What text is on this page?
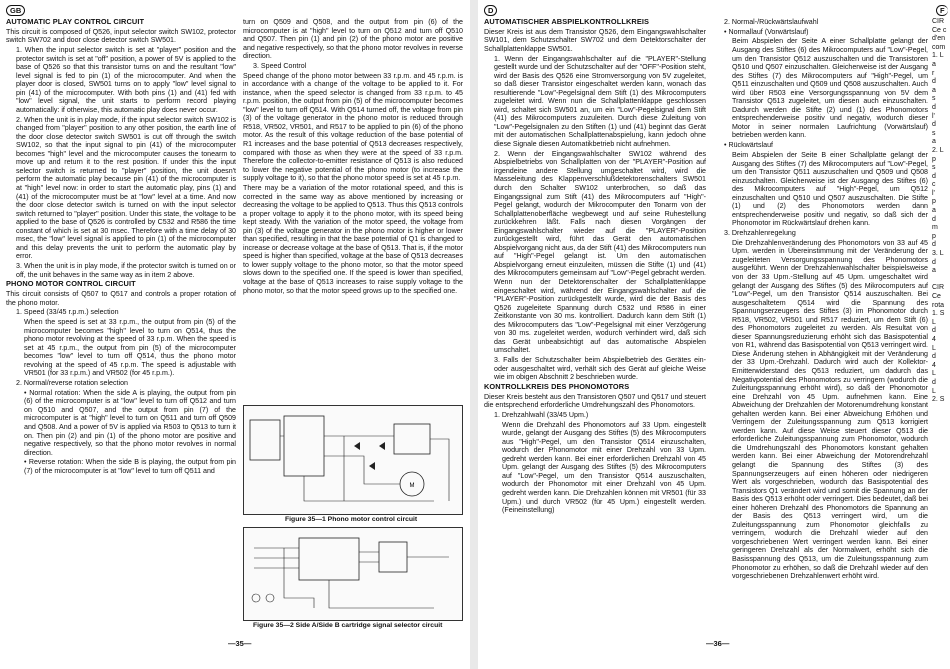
GB

AUTOMATIC PLAY CONTROL CIRCUIT

This circuit is composed of Q526, input selector switch SW102, protector switch SW702 and door close detector switch SW501.

1. When the input selector switch is set at "player" position and the protector switch is set at "off" position, a power of 5V is applied to the base of Q526 so that this transistor turns on and the resultant "low" level signal is fed to pin (1) of the microcomputer. And when the player door is closed, SW501 turns on to apply "low" level signal to pin (41) of the microcomputer. With both pins (1) and (41) fed with "low" level signal, the unit starts to perform record playing automatically: if otherwise, this automatic play does never occur.

2. When the unit is in play mode, if the input selector switch SW102 is changed from "player" position to any other position, the earth line of the door close detector switch SW501 is cut off through the switch SW102, so that the input signal to pin (41) of the microcomputer becomes "high" level and the microcomputer causes the tonearm to move up and return it to the rest position. If under this the input selector switch is returned to "player" position, the unit doesn't perform the automatic play because pin (41) of the microcomputer is at "high" level now: in order to start the automatic play, pins (1) and (41) of the microcomputer must be at "low" level at a time. And now the door close detector switch is turned on with the input selector switch returned to "player" position. Under this state, the voltage to be applied to the base of Q526 is controlled by C532 and R586 the time constant of which is set at 30 msec. Therefore with a time delay of 30 msec, the "low" level signal is applied to pin (1) of the microcomputer and this delay prevents the unit to perform the automatic play by error.

3. When the unit is in play mode, if the protector switch is turned on or off, the unit behaves in the same way as in item 2 above.

PHONO MOTOR CONTROL CIRCUIT

This circuit consists of Q507 to Q517 and controls a proper rotation of the phono motor.

1. Speed (33/45 r.p.m.) selection

When the speed is set at 33 r.p.m., the output from pin (5) of the microcomputer becomes "high" level to turn on Q514, thus the phono motor revolving at the speed of 33 r.p.m. When the speed is set at 45 r.p.m., the output from pin (5) of the microcomputer becomes "low" level to turn off Q514, thus the phono motor revolving at the speed of 45 r.p.m. The speed is adjustable with VR501 (for 33 r.p.m.) and VR502 (for 45 r.p.m.).

2. Normal/reverse rotation selection

• Normal rotation: When the side A is playing, the output from pin (6) of the microcomputer is at "low" level to turn off Q512 and turn on Q510 and Q507, and the output from pin (7) of the microcomputer is at "high" level to turn on Q511 and turn off Q509 and Q508. And a power of 5V is applied via R503 to Q513 to turn it on. Then pin (2) and pin (1) of the phono motor are positive and negative respectively, so that the phono motor revolves in normal direction.

• Reverse rotation: When the side B is playing, the output from pin (7) of the microcomputer is at "low" level to turn off Q511 and

turn on Q509 and Q508, and the output from pin (6) of the microcomputer is at "high" level to turn on Q512 and turn off Q510 and Q507. Then pin (1) and pin (2) of the phono motor are positive and negative respectively, so that the phono motor revolves in reverse direction.

3. Speed Control

Speed change of the phono motor between 33 r.p.m. and 45 r.p.m. is in accordance with a change of the voltage to be applied to it. For instance, when the speed selector is changed from 33 r.p.m. to 45 r.p.m. position, the output from pin (5) of the microcomputer becomes "low" level to turn off Q514. With Q514 turned off, the voltage from pin (3) of the voltage generator in the phono motor is reduced through R518, VR502, VR501, and R517 to be applied to pin (6) of the phono motor. As the result of this voltage reduction of the base potential of R1 increases and the base potential of Q513 decreases respectively, compared with those as when they were at the speed of 33 r.p.m. Therefore the collector-to-emitter resistance of Q513 is also reduced to lower the negative potential of the phono motor (to increase the supply voltage to it), so that the phono motor speed is set at 45 r.p.m.

There may be a variation of the motor rotational speed, and this is corrected in the same way as above mentioned by increasing or decreasing the voltage to be applied to Q513. Thus this Q513 controls a proper voltage to apply it to the phono motor, with its speed being kept steady. With the variation of the motor speed, the voltage from pin (3) of the voltage generator in the phono motor is higher or lower than specified, resulting in that the base potential of Q1 is changed to increase or decrease voltage at the base of Q513. That is, if the motor speed is higher than specified, voltage at the base of Q513 decreases to lower supply voltage to the phono motor, so that the motor speed slows down to the specified one. If the speed is lower than specified, voltage at the base of Q513 increases to raise supply voltage to the phono motor, so that the motor speed grows up to the specified one.

M
Figure 35—1 Phono motor control circuit
Figure 35—2 Side A/Side B cartridge signal selector circuit
—35—
D

AUTOMATISCHER ABSPIELKONTROLLKREIS

Dieser Kreis ist aus dem Transistor Q526, dem Eingangswahlschalter SW101, dem Schutzschalter SW702 und dem Detektorschalter der Schallplattenklappe SW501.

1. Wenn der Eingangswahlschalter auf die "PLAYER"-Stellung gestellt wurde und der Schutzschalter auf der "OFF"-Position steht, wird der Basis des Q526 eine Stromversorgung von 5V zugeleitet, so daß dieser Transistor eingeschaltet werden kann, wonach das resultierende "Low"-Pegelsignal dem Stift (1) des Mikrocomputers zugeleitet wird. Wenn nun die Schallplattenklappe geschlossen wird, schaltet sich SW501 an, um ein "Low"-Pegelsignal dem Stift (41) des Mikrocomputers zuzuleiten. Durch diese Zuleitung von "Low"-Pegelsignalen zu den Stiften (1) und (41) beginnt das Gerät mit der automatischen Schallplattenabspielung, kann jedoch ohne diese Signale diesen Automatikbetrieb nicht aufnehmen.

2. Wenn der Eingangswahlschalter SW102 während des Abspielbetriebs von Schallplatten von der "PLAYER"-Position auf irgendeine andere Stellung umgeschaltet wird, wird die Masseleitung des Klappenverschlußdetektorenschalters SW501 durch den Schalter SW102 unterbrochen, so daß das Eingangssignal zum Stift (41) des Mikrocomputers auf "High"-Pegel gelangt, wodurch der Mikrocomputer den Tonarm von der Schallplattenoberfläche wegbewegt und auf seine Ruhestellung zurückkehren läßt. Falls nach diesen Vorgängen der Eingangswahlschalter wieder auf die "PLAYER"-Position zurückgestellt wird, führt das Gerät den automatischen Abspielvorgang nicht aus, da der Stift (41) des Mikrocomputers nun auf "High"-Pegel gelangt ist. Um den automatischen Abspielvorgang erneut einzuleiten, müssen die Stifte (1) und (41) des Mikrocomputers gemeinsam auf "Low"-Pegel gebracht werden. Wenn nun der Detektorenschalter der Schallplattenklappe eingeschaltet wird, während der Eingangswahlschalter auf die "PLAYER"-Position zurückgestellt wurde, wird die der Basis des Q526 zugeleitete Spannung durch C532 und R586 in einer Zeitkonstante von 30 ms. kontrolliert. Dadurch kann dem Stift (1) des Mikrocomputers das "Low"-Pegelsignal mit einer Verzögerung von 30 ms. zugeleitet werden, wodurch verhindert wird, daß sich das Gerät unbeabsichtigt auf das automatische Abspielen umschaltet.

3. Falls der Schutzschalter beim Abspielbetrieb des Gerätes ein- oder ausgeschaltet wird, verhält sich des Gerät auf gleiche Weise wie im obigen Abschnitt 2 beschrieben wurde.

KONTROLLKREIS DES PHONOMOTORS

Dieser Kreis besteht aus den Transistoren Q507 und Q517 und steuert die entsprechend erforderliche Umdrehungszahl des Phonomotors.

1. Drehzahlwahl (33/45 Upm.)

Wenn die Drehzahl des Phonomotors auf 33 Upm. eingestellt wurde, gelangt der Ausgang des Stiftes (5) des Mikrocomputers aus "High"-Pegel, um den Transistor Q514 einzuschalten, wodurch der Phonomotor mit einer Drehzahl von 33 Upm. gedreht werden kann. Bei einer erforderlichen Drehzahl von 45 Upm. gelangt der Ausgang des Stiftes (5) des Mikrocomputers auf "Low"-Pegel, um den Transistor Q514 auszuschalten, wodurch der Phonomotor mit einer Drehzahl von 45 Upm. gedreht werden kann. Die Drehzahlen können mit VR501 (für 33 Upm.) und durch VR502 (für 45 Upm.) eingestellt werden. (Feineinstellung)

2. Normal-/Rückwärtslaufwahl

• Normallauf (Vorwärtslauf)

Beim Abspielen der Seite A einer Schallplatte gelangt der Ausgang des Stiftes (6) des Mikrocomputers auf "Low"-Pegel, um den Transistor Q512 auszuschalten und die Transistoren Q510 und Q507 einzuschalten. Gleicherweise ist der Ausgang des Stiftes (7) des Mikrocomputers auf "High"-Pegel, um Q511 einzuschalten und Q509 und Q508 auszuschalten. Auch wird über R503 eine Versorgungsspannung von 5V dem Transistor Q513 zugeleitet, um diesen auch einzuschalten. Dadurch werden die Stifte (2) und (1) des Phonomotors entsprechenderweise positiv und negativ, wodurch dieser Motor in seiner normalen Laufrichtung (Vorwärtslauf) betrieben werden kann.

• Rückwärtslauf

Beim Abspielen der Seite B einer Schallplatte gelangt der Ausgang des Stiftes (7) des Mikrocomputers auf "Low"-Pegel, um den Transistor Q511 auszuschalten und Q509 und Q508 einzuschalten. Gleicherweise ist der Ausgang des Stiftes (6) des Mikrocomputers auf "High"-Pegel, um Q512 einzuschalten und Q510 und Q507 auszuschalten. Die Stifte (1) und (2) des Phonomotors werden dann entsprechenderweise positiv und negativ, so daß sich der Phonomotor im Rückwärtslauf drehen kann.

3. Drehzahlenregelung

Die Drehzahlenveränderung des Phonomotors von 33 auf 45 Upm. werden in Übereinstimmung mit der Veränderung der zugeleiteten Versorgungsspannung des Phonomotors ausgeführt. Wenn der Drehzahlenwahlschalter beispielsweise von der 33 Upm.-Stellung auf 45 Upm. umgeschaltet wird gelangt der Ausgang des Stiftes (5) des Mikrocomputers auf "Low"-Pegel, um den Transistor Q514 auszuschalten. Bei ausgeschaltetem Q514 wird die Spannung des Spannungserzeugers des Stiftes (3) im Phonomotor durch R518, VR502, VR501 und R517 reduziert, um dem Stift (6) des Phonomotors zugeleitet zu werden. Als Resultat von dieser Spannungsreduzierung erhöht sich das Basispotential von R1, während das Basispotential von Q513 verringert wird. Diese Änderung stehen in Abhängigkeit mit der Veränderung der 33 Upm.-Drehzahl. Dadurch wird auch der Kollektor-Emitterwiderstand des Q513 reduziert, um dadurch das Negativpotential des Phonomotors zu verringern (wodurch die Zuleitungsspannung erhöht wird), so daß der Phonomotor eine Drehzahl von 45 Upm. aufnehmen kann. Eine Abweichung der Drehzahlen der Motorenumdrehung konstant gehalten werden kann. Bei einer Abweichung Erhöhen und Verringern der Zuleitungsspannung zum Q513 korrigiert werden kann. Auf diese Weise steuert dieser Q513 die erforderliche Zuleitungsspannung zum Phonomotor, wodurch die Umdrehungszahl des Phonomotors konstant gehalten werden kann. Bei einer Abweichung der Motorendrehzahl gelangt die Spannung des Stiftes (3) des Spannungserzeugers auf einen höheren oder niedrigeren Wert als vorgeschrieben, wodurch das Basispotential des Transistors Q1 verändert wird und somit die Spannung an der Basis des Q513 erhöht oder verringert. Dies bedeutet, daß bei einer höheren Drehzahl des Phonomotors die Spannung an der Basis des Q513 verringert wird, um die Zuleitungsspannung zum Phonomotor gleichfalls zu verringern, wodurch die Drehzahl wieder auf den vorgeschriebenen Wert verringert werden kann. Bei einer geringeren Drehzahl als der Normalwert, erhöht sich die Basisspannung des Q513, um die Zuleitungsspannung zum Phonomotor zu erhöhen, so daß die Drehzahl wieder auf den vorgeschriebenen Drehzahlenwert erhöht wird.

—36—
F
CIR
Ce c
d'en
com
1. L
a
r
d
a
s
d
l'
d
s
a
2. L
p
s
d
c
l'
p
a
d
m
p
d
3. L
d
a
CIR
Ce
rota
1. S
L
d
4
L
d
4
L
d
L
2. S
